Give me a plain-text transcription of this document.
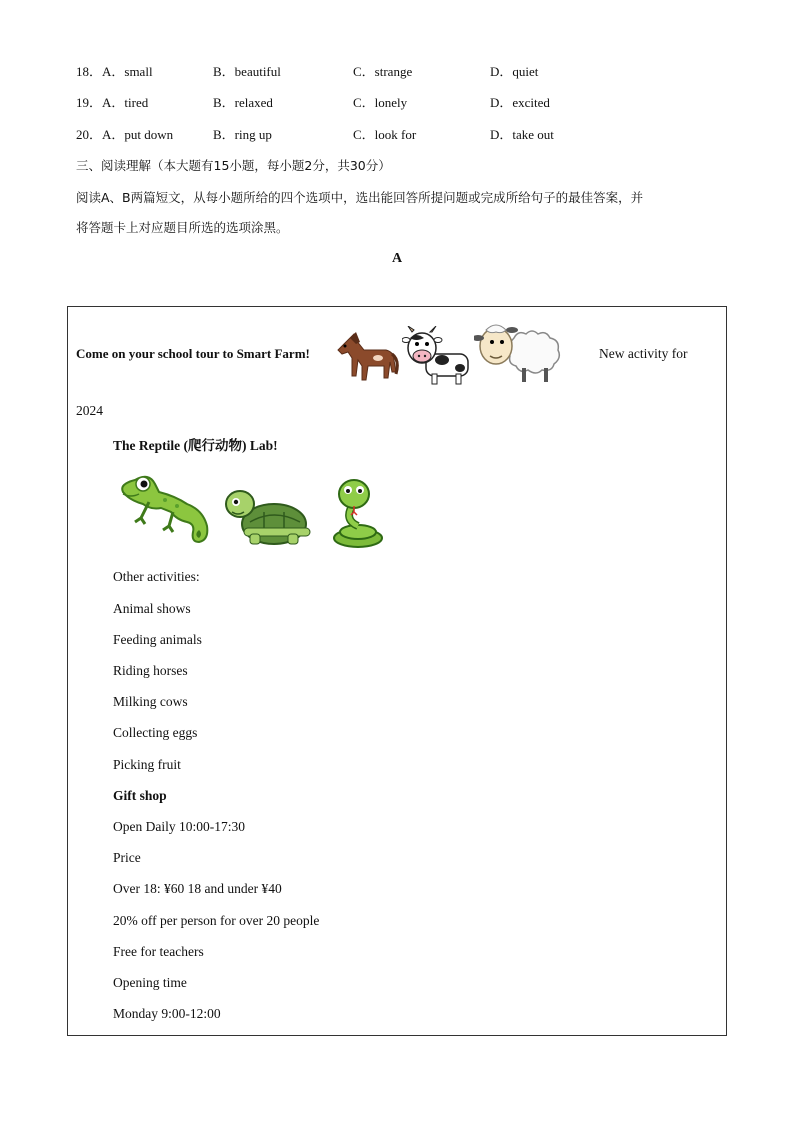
18．A．small	B．beautiful	C．strange	D．quiet
19．A．tired	B．relaxed	C．lonely	D．excited
20．A．put down	B．ring up	C．look for	D．take out
三、阅读理解（本大题有15小题，每小题2分，共30分）
阅读A、B两篇短文，从每小题所给的四个选项中，选出能回答所提问题或完成所给句子的最佳答案，并
将答题卡上对应题目所选的选项涂黑。
A
Come on your school tour to Smart Farm!	New activity for
2024
The Reptile (爬行动物) Lab!
Other activities:
Animal shows
Feeding animals
Riding horses
Milking cows
Collecting eggs
Picking fruit
Gift shop
Open Daily 10:00-17:30
Price
Over 18: ¥60 18 and under ¥40
20% off per person for over 20 people
Free for teachers
Opening time
Monday 9:00-12:00
